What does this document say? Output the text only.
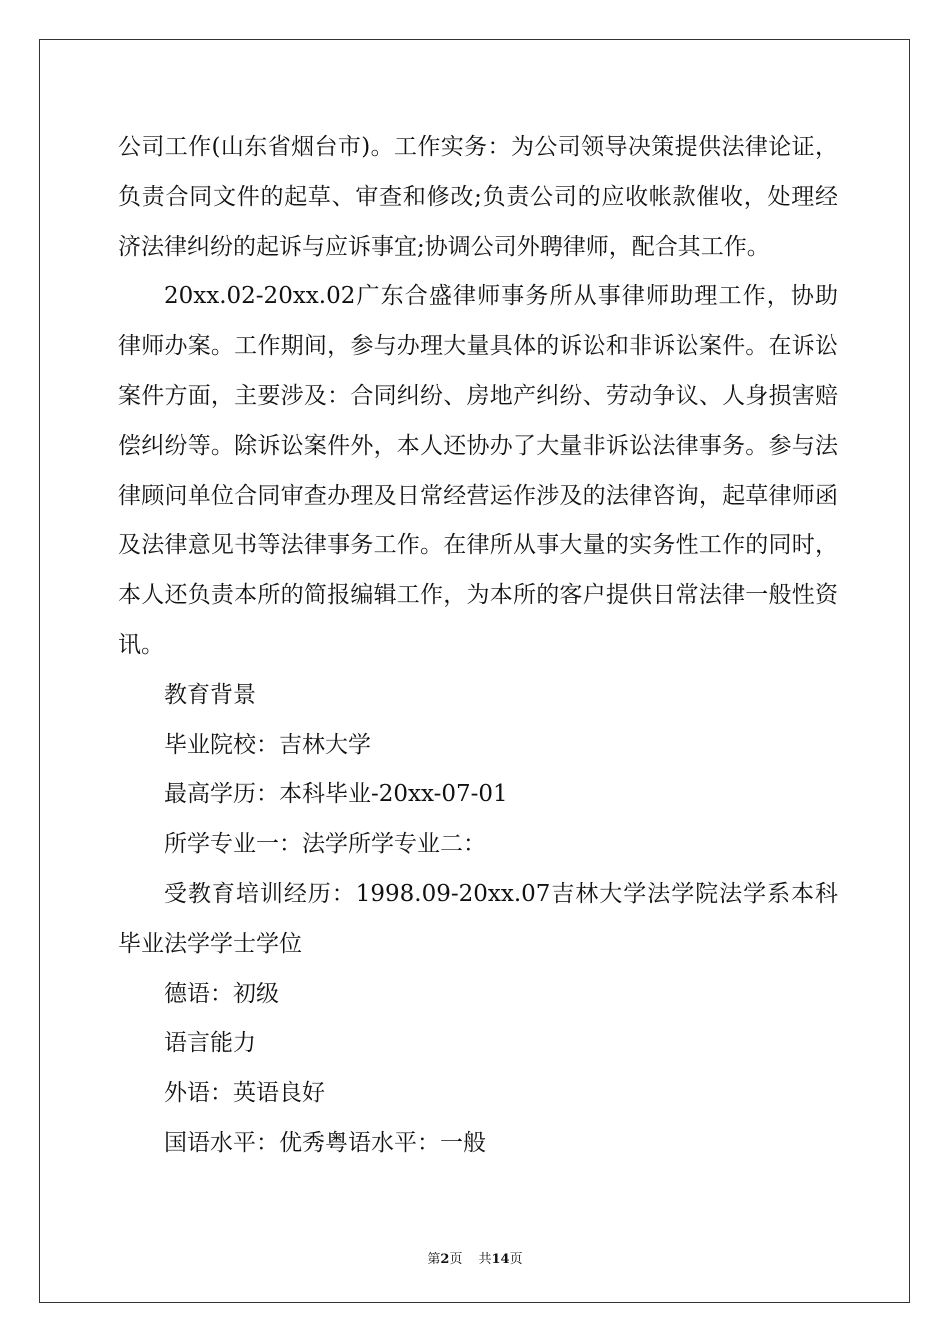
公司工作(山东省烟台市)。工作实务：为公司领导决策提供法律论证，负责合同文件的起草、审查和修改;负责公司的应收帐款催收，处理经济法律纠纷的起诉与应诉事宜;协调公司外聘律师，配合其工作。

20xx.02-20xx.02广东合盛律师事务所从事律师助理工作，协助律师办案。工作期间，参与办理大量具体的诉讼和非诉讼案件。在诉讼案件方面，主要涉及：合同纠纷、房地产纠纷、劳动争议、人身损害赔偿纠纷等。除诉讼案件外，本人还协办了大量非诉讼法律事务。参与法律顾问单位合同审查办理及日常经营运作涉及的法律咨询，起草律师函及法律意见书等法律事务工作。在律所从事大量的实务性工作的同时，本人还负责本所的简报编辑工作，为本所的客户提供日常法律一般性资讯。

教育背景

毕业院校：吉林大学

最高学历：本科毕业-20xx-07-01

所学专业一：法学所学专业二：

受教育培训经历：1998.09-20xx.07吉林大学法学院法学系本科毕业法学学士学位

德语：初级

语言能力

外语：英语良好

国语水平：优秀粤语水平：一般

第2页 共14页
